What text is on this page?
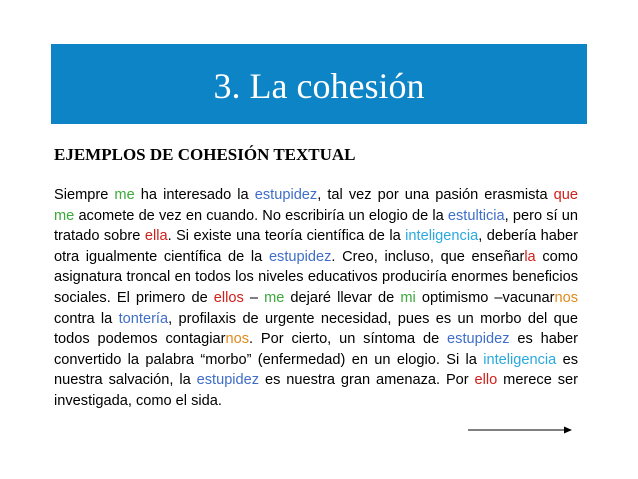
3. La cohesión
EJEMPLOS DE COHESIÓN TEXTUAL
Siempre me ha interesado la estupidez, tal vez por una pasión erasmista que me acomete de vez en cuando. No escribiría un elogio de la estulticia, pero sí un tratado sobre ella. Si existe una teoría científica de la inteligencia, debería haber otra igualmente científica de la estupidez. Creo, incluso, que enseñarla como asignatura troncal en todos los niveles educativos produciría enormes beneficios sociales. El primero de ellos – me dejaré llevar de mi optimismo –vacunarnos contra la tontería, profilaxis de urgente necesidad, pues es un morbo del que todos podemos contagiarnos. Por cierto, un síntoma de estupidez es haber convertido la palabra “morbo” (enfermedad) en un elogio. Si la inteligencia es nuestra salvación, la estupidez es nuestra gran amenaza. Por ello merece ser investigada, como el sida.
